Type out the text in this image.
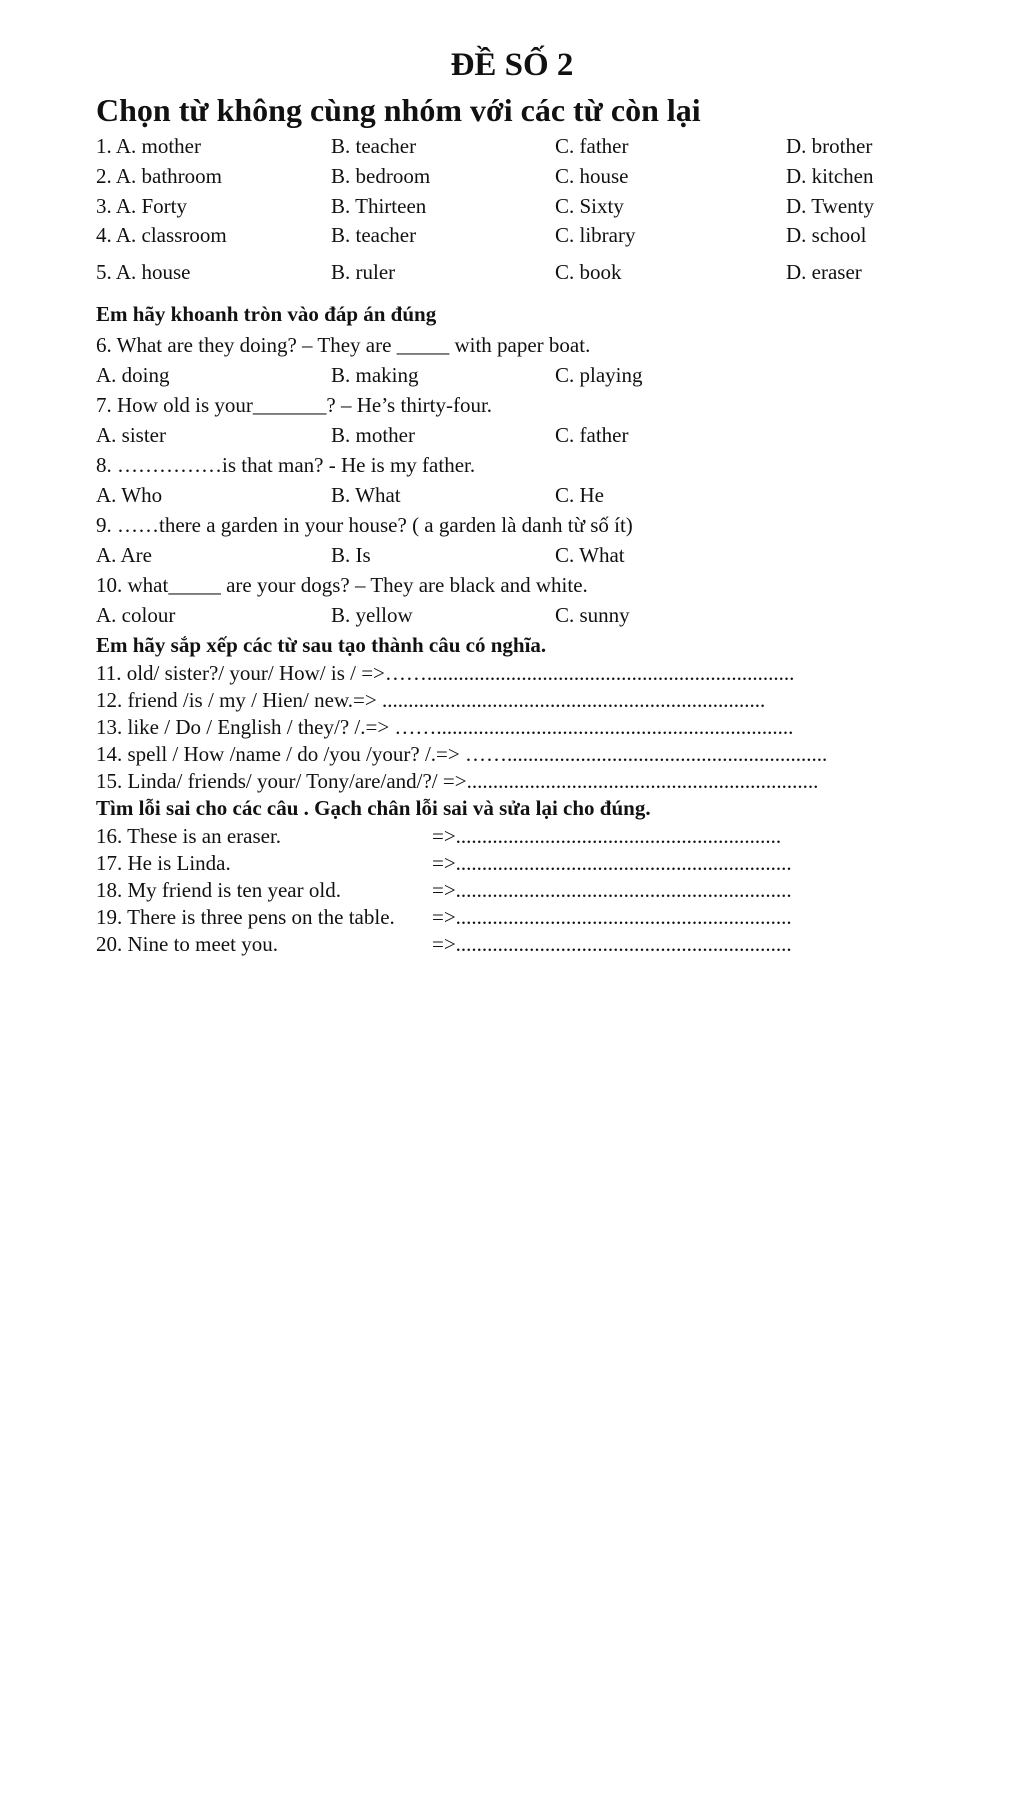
ĐỀ SỐ 2
Chọn từ không cùng nhóm với các từ còn lại
1. A. mother	B. teacher	C. father	D. brother
2. A. bathroom	B. bedroom	C. house	D. kitchen
3. A. Forty	B. Thirteen	C. Sixty	D. Twenty
4. A. classroom	B. teacher	C. library	D. school
5. A. house	B. ruler	C. book	D. eraser
Em hãy khoanh tròn vào đáp án đúng
6. What are they doing? – They are _____ with paper boat.
A. doing	B. making	C. playing
7. How old is your_______? – He’s thirty-four.
A. sister	B. mother	C. father
8. ……………is that man? - He is my father.
A. Who	B. What	C. He
9. ……there a garden in your house? ( a garden là danh từ số ít)
A. Are	B. Is	C. What
10. what_____ are your dogs? – They are black and white.
A. colour	B. yellow	C. sunny
Em hãy sắp xếp các từ sau tạo thành câu có nghĩa.
11. old/ sister?/ your/ How/ is / =>……......................................................................
12. friend /is / my / Hien/ new.=> .........................................................................
13. like / Do / English / they/? /.=> ……....................................................................
14. spell / How /name / do /you /your? /.=> …….............................................................
15. Linda/ friends/ your/ Tony/are/and/?/ =>...................................................................
Tìm lỗi sai cho các câu . Gạch chân lỗi sai và sửa lại cho đúng.
16. These is an eraser.	=>..............................................................
17. He is Linda.	=>................................................................
18. My friend is ten year old.	=>................................................................
19. There is three pens on the table. =>................................................................
20. Nine to meet you.	=>................................................................
